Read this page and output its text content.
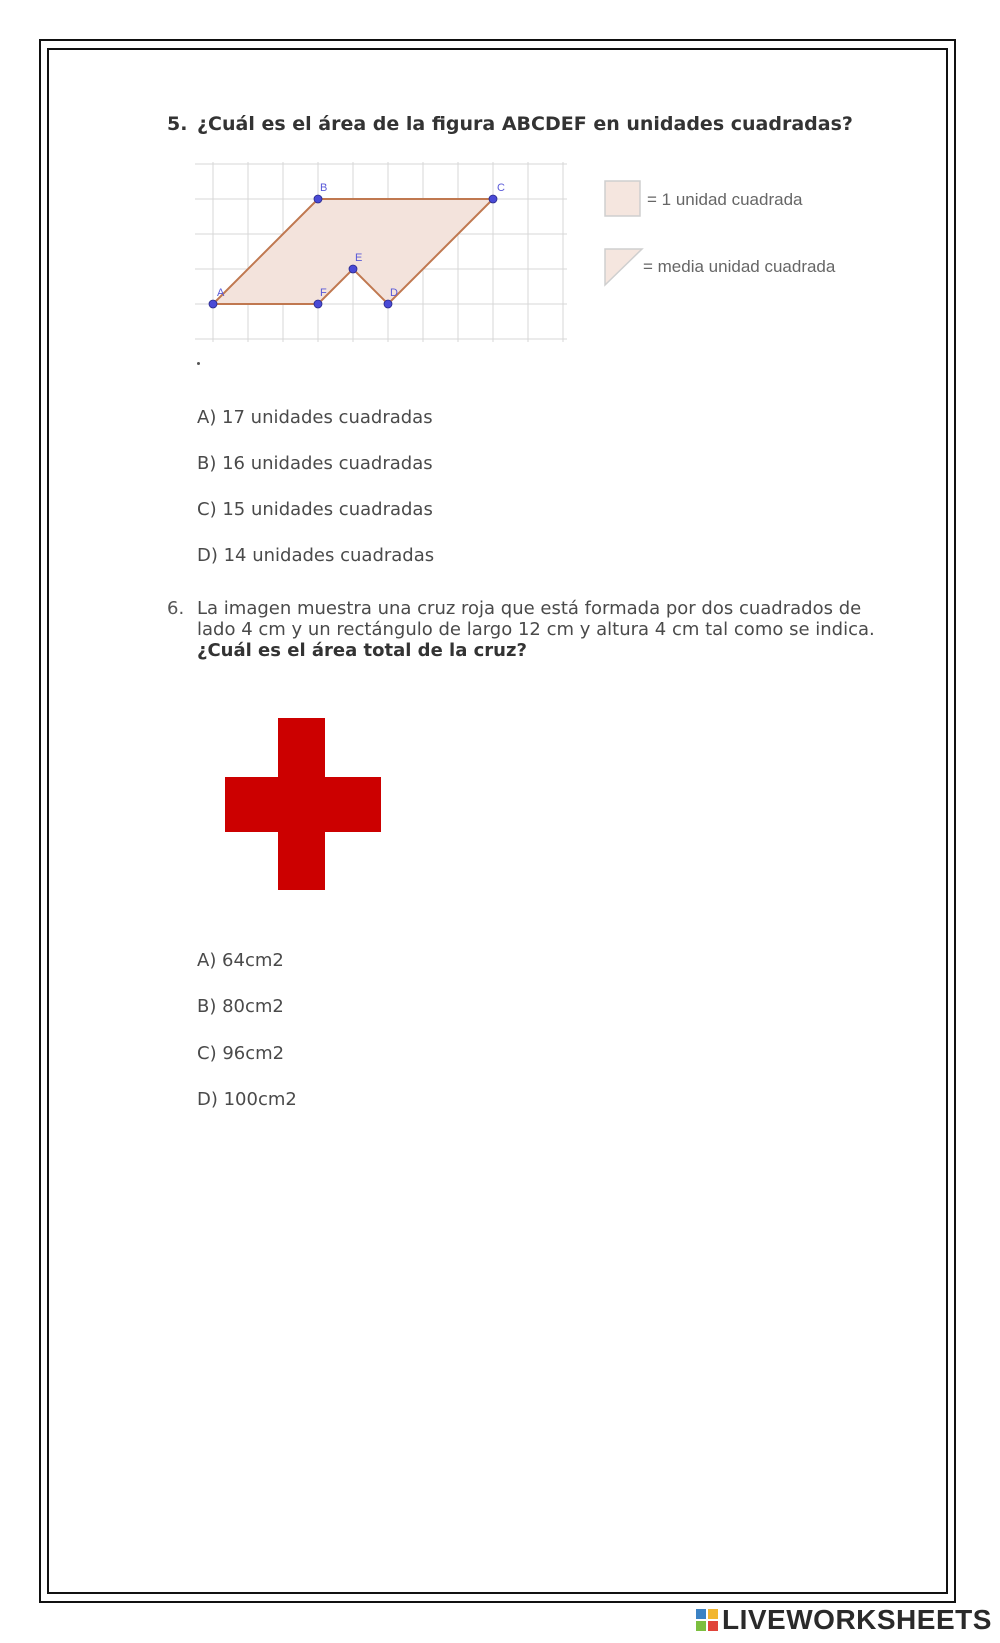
5. ¿Cuál es el área de la figura ABCDEF en unidades cuadradas?
A
B	C
D
E
F
= 1 unidad cuadrada
= media unidad cuadrada
A) 17 unidades cuadradas
B) 16 unidades cuadradas
C) 15 unidades cuadradas
D) 14 unidades cuadradas
6. La imagen muestra una cruz roja que está formada por dos cuadrados de
lado 4 cm y un rectángulo de largo 12 cm y altura 4 cm tal como se indica.
¿Cuál es el área total de la cruz?
A) 64cm2
B) 80cm2
C) 96cm2
D) 100cm2
LIVEWORKSHEETS
